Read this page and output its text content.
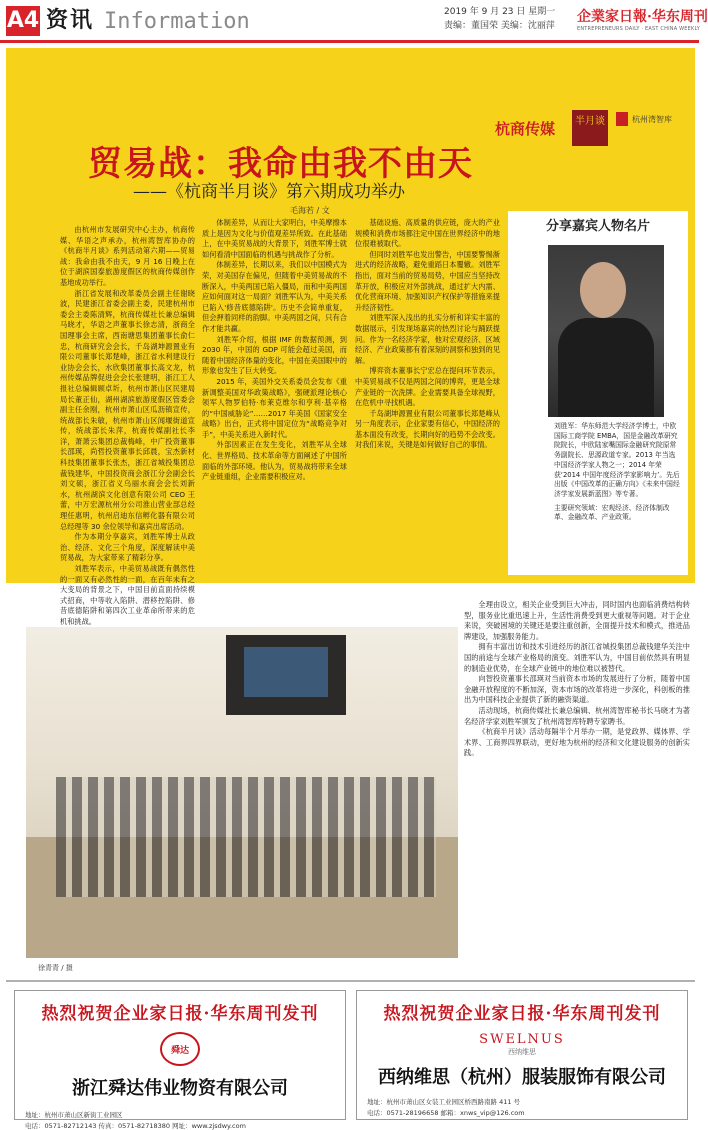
A4 资讯 Information	2019 年 9 月 23 日 星期一
责编：董国荣 美编：沈丽萍
企業家日報·华东周刊
ENTREPRENEURS DAILY · EAST CHINA WEEKLY
杭商传媒	半月谈	杭州湾智库
贸易战：我命由我不由天
——《杭商半月谈》第六期成功举办
毛海若 / 文

由杭州市发展研究中心主办，杭商传媒、华语之声承办，杭州湾智库协办的《杭商半月谈》系列活动第六期——贸易战：我命由我不由天，9 月 16 日晚上在位于湖滨国泰旅游度假区的杭商传媒创作基地成功举行。

浙江省发展和改革委员会副主任谢晓波，民建浙江省委会副主委，民建杭州市委会主委陈清辉，杭商传媒社长兼总编辑马晓才，华语之声董事长徐志清，浙商全国理事会主席，西南塘思集团董事长俞仁忠，杭商研究会会长，千岛湖坤源置业有限公司董事长郑楚峰，浙江省水利建设行业协会会长，水欣集团董事长高文龙，杭州传媒品牌促进会会长张建明，浙江工人报社总编辑顾卓圻，杭州市萧山区民建局局长董正仙，湖州湖滨旅游度假区管委会副主任余刚，杭州市萧山区瓜沥镇宣传，统战部长朱敏，杭州市萧山区闻堰街道宣传，统战部长朱萍，杭商传媒副社长李洋，萧萧云集团总裁梅峰，中广投资董事长邵瑛，尚哲投资董事长邱晨，宝杰新材科技集团董事长张杰，浙江省城投集团总裁钱建华，中国投资商会浙江分会副会长刘文硕，浙江省义乌丽水商会会长刘新水，杭州湖滨文化创意有限公司 CEO 王蕾，中万宏源杭州分公司淮山营业部总经理任惠明，杭州启迪东信孵化器有限公司总经理等 30 余位领导和嘉宾出席活动。

作为本期分享嘉宾，刘胜军博士从政治、经济、文化三个角度，深度解读中美贸易战，为大家带来了精彩分享。

刘胜军表示，中美贸易战既有偶然性的一面又有必然性的一面，在百年未有之大变局的背景之下，中国目前直面持续模式招商，中等收入陷阱、潜移控陷阱、修昔底德陷阱和第四次工业革命所带来的危机和挑战。

体制差异，从而让大家明白，中美摩擦本质上是因为文化与价值观差异所致。在此基础上，在中美贸易战的大背景下，刘胜军博士就如何看清中国面临的机遇与挑战作了分析。

体制差异，长期以来，我们以中国模式为荣，对美国存在偏见，但随着中美贸易战的不断深入，中美两国已陷入僵局，而和中美两国应如何面对这一局面？刘胜军认为，中美关系已陷入'修昔底德陷阱'。历史不会简单重复，但会押着同样的韵脚。中美两国之间，只有合作才能共赢。

刘胜军介绍，根据 IMF 的数据预测，到 2030 年，中国的 GDP 可能会超过美国，而随着中国经济体量的变化，中国在美国眼中的形象也发生了巨大转变。

2015 年，美国外交关系委员会发布《重新调整美国对华政策战略》，强硬派理论核心领军人物罗伯特·布莱克维尔和亨利·基辛格的“中国威胁论”……2017 年美国《国家安全战略》出台，正式将中国定位为“战略竞争对手”，中美关系进入新时代。

外部因素正在发生变化，刘胜军从全球化、世界格局、技术革命等方面阐述了中国所面临的外部环境。他认为，贸易战将带来全球产业链重组，企业需要积极应对。

基础设施、高质量的供应链，庞大的产业规模和消费市场都注定中国在世界经济中的地位很难被取代。

但同时刘胜军也发出警告，中国要警惕渐进式的经济战略，避免重蹈日本覆辙。刘胜军指出，面对当前的贸易局势，中国应当坚持改革开放，积极应对外部挑战，通过扩大内需、优化营商环境、加强知识产权保护等措施来提升经济韧性。

刘胜军深入浅出的扎实分析和详实丰富的数据展示，引发现场嘉宾的热烈讨论与踊跃提问。作为一名经济学家，他对宏观经济、区域经济、产业政策都有着深刻的洞察和独到的见解。

博弈资本董事长宁宏总在提问环节表示，中美贸易战不仅是两国之间的博弈，更是全球产业链的一次洗牌。企业需要具备全球视野，在危机中寻找机遇。

千岛湖坤源置业有限公司董事长郑楚峰从另一角度表示，企业家要有信心，中国经济的基本面没有改变，长期向好的趋势不会改变。对我们来说，关键是如何做好自己的事情。

分享嘉宾人物名片
刘胜军：华东师范大学经济学博士，中欧国际工商学院 EMBA，国是金融改革研究院院长，中欧陆家嘴国际金融研究院原常务副院长、思源政道专家。2013 年当选中国经济学家人物之一；2014 年荣获‘2014 中国年度经济学家影响力’。先后出版《中国改革的正确方向》《未来中国经济学家发展新蓝图》等专著。
主要研究领域：宏观经济、经济体制改革、金融改革、产业政策。
徐青青 / 摄

全理由设立，相关企业受到巨大冲击，同时国内也面临消费结构转型，服务业比重迅速上升，生活性消费受到更大重视等问题。对于企业来说，突破困境的关键还是要注重创新，全面提升技术和模式，推进品牌建设，加强服务能力。

拥有丰富出访和技术引进经历的浙江省城投集团总裁钱建华关注中国的前途与全球产业格局的演变。刘胜军认为，中国目前依然具有明显的制造业优势，在全球产业链中的地位难以被替代。

向智投资董事长邵瑛对当前资本市场的发展进行了分析，随着中国金融开放程度的不断加深，资本市场的改革将进一步深化，科创板的推出为中国科技企业提供了新的融资渠道。

活动现场，杭商传媒社长兼总编辑、杭州湾智库秘书长马晓才为著名经济学家刘胜军颁发了杭州湾智库特聘专家聘书。

《杭商半月谈》活动每隔半个月举办一期，是党政界、媒体界、学术界、工商界四界联动，更好地为杭州的经济和文化建设服务的创新实践。

热烈祝贺企业家日报·华东周刊发刊
舜达
浙江舜达伟业物资有限公司
地址：杭州市萧山区新街工业园区
电话：0571-82712143 传真：0571-82718380 网址：www.zjsdwy.com
热烈祝贺企业家日报·华东周刊发刊
SWELNUS
西纳维思
西纳维思（杭州）服装服饰有限公司
地址：杭州市萧山区女装工业园区桥西路南路 411 号
电话：0571-28196658 邮箱：xnws_vip@126.com
